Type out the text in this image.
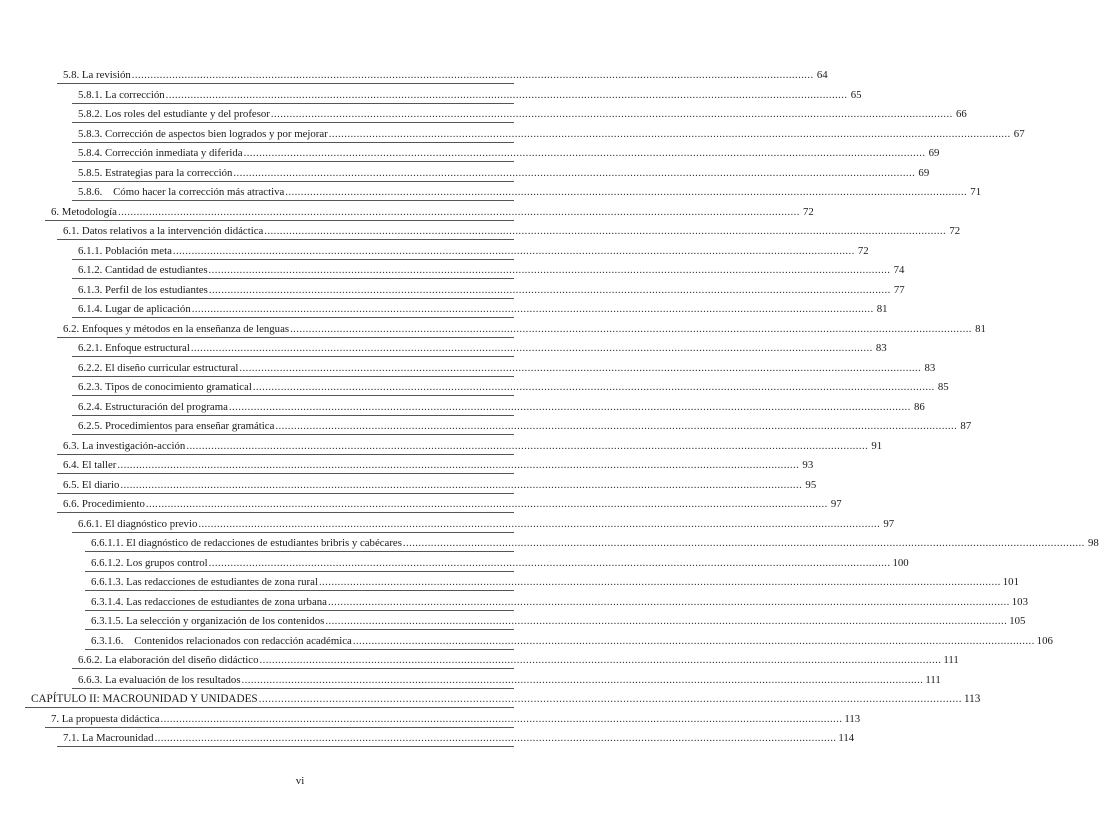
5.8. La revisión ............................................................................................................................................................................................................................ 64
5.8.1. La corrección ............................................................................................................................................................................................................................ 65
5.8.2. Los roles del estudiante y del profesor ............................................................................................................................................................................................................................ 66
5.8.3. Corrección de aspectos bien logrados y por mejorar ............................................................................................................................................................................................................................ 67
5.8.4. Corrección inmediata y diferida ............................................................................................................................................................................................................................ 69
5.8.5. Estrategias para la corrección ............................................................................................................................................................................................................................ 69
5.8.6. Cómo hacer la corrección más atractiva ............................................................................................................................................................................................................................ 71
6. Metodología ............................................................................................................................................................................................................................ 72
6.1. Datos relativos a la intervención didáctica ............................................................................................................................................................................................................................ 72
6.1.1. Población meta ............................................................................................................................................................................................................................ 72
6.1.2. Cantidad de estudiantes ............................................................................................................................................................................................................................ 74
6.1.3. Perfil de los estudiantes ............................................................................................................................................................................................................................ 77
6.1.4. Lugar de aplicación ............................................................................................................................................................................................................................ 81
6.2. Enfoques y métodos en la enseñanza de lenguas ............................................................................................................................................................................................................................ 81
6.2.1. Enfoque estructural ............................................................................................................................................................................................................................ 83
6.2.2. El diseño curricular estructural ............................................................................................................................................................................................................................ 83
6.2.3. Tipos de conocimiento gramatical ............................................................................................................................................................................................................................ 85
6.2.4. Estructuración del programa ............................................................................................................................................................................................................................ 86
6.2.5. Procedimientos para enseñar gramática ............................................................................................................................................................................................................................ 87
6.3. La investigación-acción ............................................................................................................................................................................................................................ 91
6.4. El taller ............................................................................................................................................................................................................................ 93
6.5. El diario ............................................................................................................................................................................................................................ 95
6.6. Procedimiento ............................................................................................................................................................................................................................ 97
6.6.1. El diagnóstico previo ............................................................................................................................................................................................................................ 97
6.6.1.1. El diagnóstico de redacciones de estudiantes bribris y cabécares ............................................................................................................................................................................................................................ 98
6.6.1.2. Los grupos control ............................................................................................................................................................................................................................ 100
6.6.1.3. Las redacciones de estudiantes de zona rural ............................................................................................................................................................................................................................ 101
6.3.1.4. Las redacciones de estudiantes de zona urbana ............................................................................................................................................................................................................................ 103
6.3.1.5. La selección y organización de los contenidos ............................................................................................................................................................................................................................ 105
6.3.1.6. Contenidos relacionados con redacción académica ............................................................................................................................................................................................................................ 106
6.6.2. La elaboración del diseño didáctico ............................................................................................................................................................................................................................ 111
6.6.3. La evaluación de los resultados ............................................................................................................................................................................................................................ 111
CAPÍTULO II: MACROUNIDAD Y UNIDADES ............................................................................................................................................................................................................................ 113
7. La propuesta didáctica ............................................................................................................................................................................................................................ 113
7.1. La Macrounidad ............................................................................................................................................................................................................................ 114
vi
